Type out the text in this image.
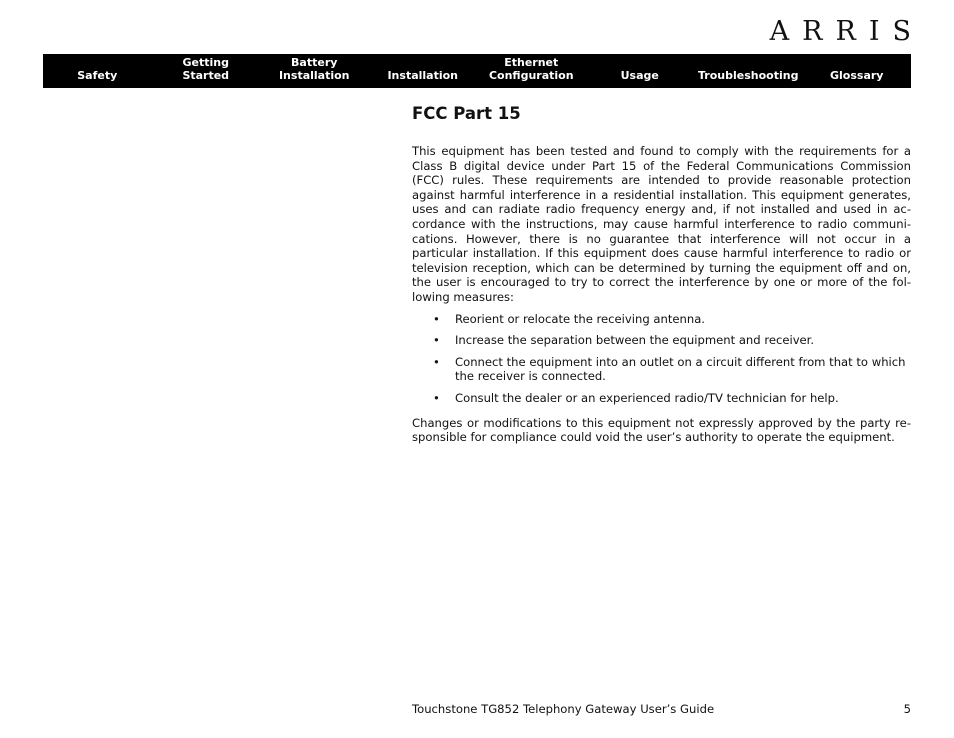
ARRIS
Safety
Getting
Started
Battery
Installation	Installation
Ethernet
Configuration	Usage	Troubleshooting	Glossary
FCC Part 15

This equipment has been tested and found to comply with the requirements for a Class B digital device under Part 15 of the Federal Communications Commission (FCC) rules. These requirements are intended to provide reasonable protection against harmful interference in a residential installation. This equipment generates, uses and can radiate radio frequency energy and, if not installed and used in accordance with the instructions, may cause harmful interference to radio communications. However, there is no guarantee that interference will not occur in a particular installation. If this equipment does cause harmful interference to radio or television reception, which can be determined by turning the equipment off and on, the user is encouraged to try to correct the interference by one or more of the following measures:

• Reorient or relocate the receiving antenna.
• Increase the separation between the equipment and receiver.
• Connect the equipment into an outlet on a circuit different from that to which the receiver is connected.
• Consult the dealer or an experienced radio/TV technician for help.

Changes or modifications to this equipment not expressly approved by the party responsible for compliance could void the user’s authority to operate the equipment.

Touchstone TG852 Telephony Gateway User’s Guide	5
